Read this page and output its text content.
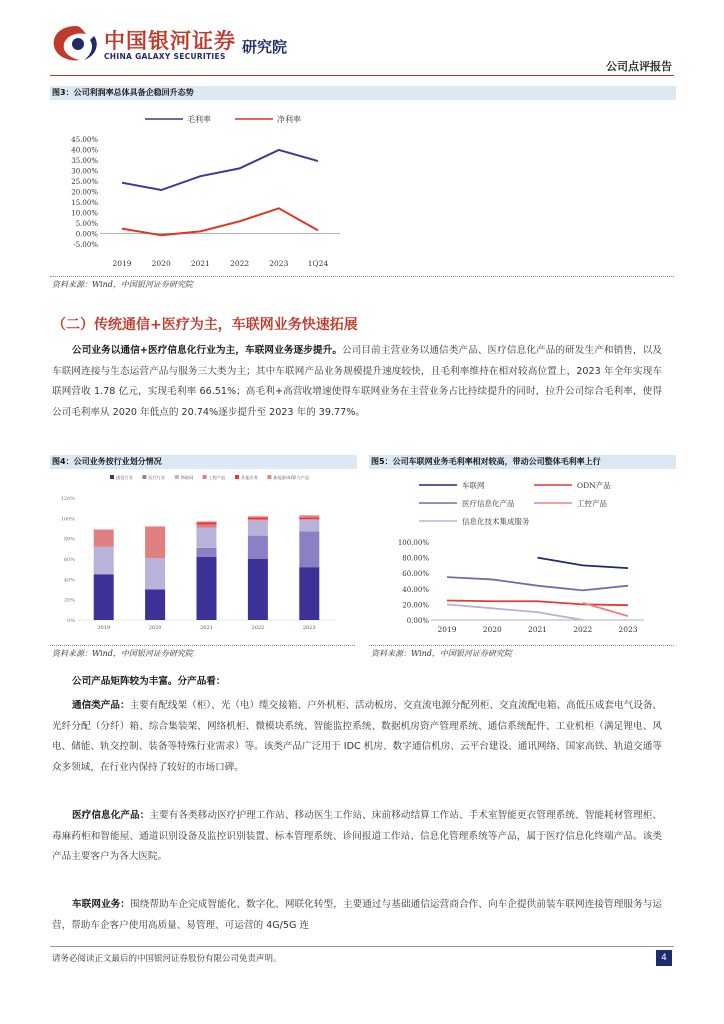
中国银河证券
CHINA GALAXY SECURITIES
研究院
公司点评报告
图3：公司利润率总体具备企稳回升态势
毛利率	净利率
45.00%
40.00%
35.00%
30.00%
25.00%
20.00%
15.00%
10.00%
5.00%
0.00%
-5.00%
2019	2020	2021	2022	2023	1Q24
资料来源：Wind，中国银河证券研究院
（二）传统通信+医疗为主，车联网业务快速拓展

公司业务以通信+医疗信息化行业为主，车联网业务逐步提升。公司目前主营业务以通信类产品、医疗信息化产品的研发生产和销售，以及车联网连接与生态运营产品与服务三大类为主；其中车联网产品业务规模提升速度较快，且毛利率维持在相对较高位置上，2023 年全年实现车联网营收 1.78 亿元，实现毛利率 66.51%；高毛利+高营收增速使得车联网业务在主营业务占比持续提升的同时，拉升公司综合毛利率，使得公司毛利率从 2020 年低点的 20.74%逐步提升至 2023 年的 39.77%。

图4：公司业务按行业划分情况
通信行业	医疗行业	物联网	工程产品	其他业务	新能源/AI算力产品
120%
100%
80%
60%
40%
20%
0%
2019	2020	2021	2022	2023
资料来源：Wind，中国银河证券研究院
图5：公司车联网业务毛利率相对较高，带动公司整体毛利率上行
车联网	ODN产品
医疗信息化产品	工控产品
信息化技术集成服务
100.00%
80.00%
60.00%
40.00%
20.00%
0.00%
2019	2020	2021	2022	2023
资料来源：Wind，中国银河证券研究院
公司产品矩阵较为丰富。分产品看：

通信类产品：主要有配线架（柜）、光（电）缆交接箱、户外机柜、活动板房、交直流电源分配列柜、交直流配电箱、高低压成套电气设备、光纤分配（分纤）箱、综合集装架、网络机柜、微模块系统、智能监控系统、数据机房资产管理系统、通信系统配件、工业机柜（满足锂电、风电、储能、轨交控制、装备等特殊行业需求）等。该类产品广泛用于 IDC 机房、数字通信机房、云平台建设、通讯网络、国家高铁、轨道交通等众多领域，在行业内保持了较好的市场口碑。

医疗信息化产品：主要有各类移动医疗护理工作站、移动医生工作站、床前移动结算工作站、手术室智能更衣管理系统、智能耗材管理柜、毒麻药柜和智能屋、通道识别设备及监控识别装置、标本管理系统、诊间报道工作站、信息化管理系统等产品，属于医疗信息化终端产品。该类产品主要客户为各大医院。

车联网业务：围绕帮助车企完成智能化、数字化、网联化转型，主要通过与基础通信运营商合作、向车企提供前装车联网连接管理服务与运营，帮助车企客户使用高质量、易管理、可运营的 4G/5G 连

请务必阅读正文最后的中国银河证券股份有限公司免责声明。	4
